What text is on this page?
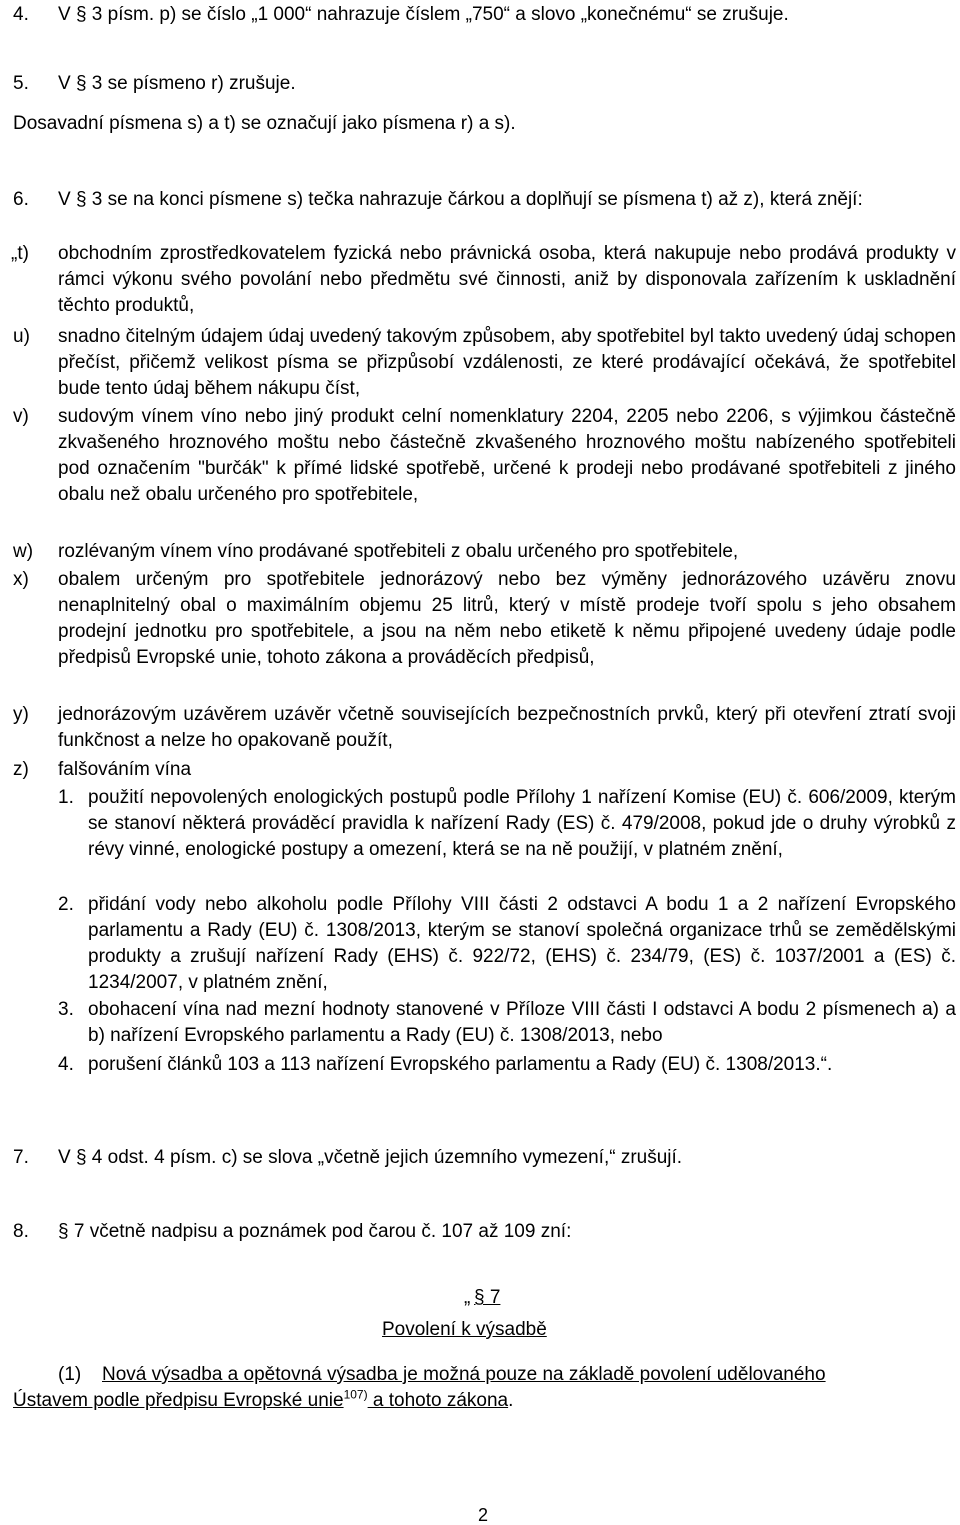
4. V § 3 písm. p) se číslo „1 000“ nahrazuje číslem „750“ a slovo „konečnému“ se zrušuje.
5. V § 3 se písmeno r) zrušuje.
Dosavadní písmena s) a t) se označují jako písmena r) a s).
6. V § 3 se na konci písmene s) tečka nahrazuje čárkou a doplňují se písmena t) až z), která znějí:
„t) obchodním zprostředkovatelem fyzická nebo právnická osoba, která nakupuje nebo prodává produkty v rámci výkonu svého povolání nebo předmětu své činnosti, aniž by disponovala zařízením k uskladnění těchto produktů,
u) snadno čitelným údajem údaj uvedený takovým způsobem, aby spotřebitel byl takto uvedený údaj schopen přečíst, přičemž velikost písma se přizpůsobí vzdálenosti, ze které prodávající očekává, že spotřebitel bude tento údaj během nákupu číst,
v) sudovým vínem víno nebo jiný produkt celní nomenklatury 2204, 2205 nebo 2206, s výjimkou částečně zkvašeného hroznového moštu nebo částečně zkvašeného hroznového moštu nabízeného spotřebiteli pod označením "burčák" k přímé lidské spotřebě, určené k prodeji nebo prodávané spotřebiteli z jiného obalu než obalu určeného pro spotřebitele,
w) rozlévaným vínem víno prodávané spotřebiteli z obalu určeného pro spotřebitele,
x) obalem určeným pro spotřebitele jednorázový nebo bez výměny jednorázového uzávěru znovu nenaplnitelný obal o maximálním objemu 25 litrů, který v místě prodeje tvoří spolu s jeho obsahem prodejní jednotku pro spotřebitele, a jsou na něm nebo etiketě k němu připojené uvedeny údaje podle předpisů Evropské unie, tohoto zákona a prováděcích předpisů,
y) jednorázovým uzávěrem uzávěr včetně souvisejících bezpečnostních prvků, který při otevření ztratí svoji funkčnost a nelze ho opakovaně použít,
z) falšováním vína
1. použití nepovolených enologických postupů podle Přílohy 1 nařízení Komise (EU) č. 606/2009, kterým se stanoví některá prováděcí pravidla k nařízení Rady (ES) č. 479/2008, pokud jde o druhy výrobků z révy vinné, enologické postupy a omezení, která se na ně použijí, v platném znění,
2. přidání vody nebo alkoholu podle Přílohy VIII části 2 odstavci A bodu 1 a 2 nařízení Evropského parlamentu a Rady (EU) č. 1308/2013, kterým se stanoví společná organizace trhů se zemědělskými produkty a zrušují nařízení Rady (EHS) č. 922/72, (EHS) č. 234/79, (ES) č. 1037/2001 a (ES) č. 1234/2007, v platném znění,
3. obohacení vína nad mezní hodnoty stanovené v Příloze VIII části I odstavci A bodu 2 písmenech a) a b) nařízení Evropského parlamentu a Rady (EU) č. 1308/2013, nebo
4. porušení článků 103 a 113 nařízení Evropského parlamentu a Rady (EU) č. 1308/2013.“.
7. V § 4 odst. 4 písm. c) se slova „včetně jejich územního vymezení,“ zrušují.
8. § 7 včetně nadpisu a poznámek pod čarou č. 107 až 109 zní:
„ § 7
Povolení k výsadbě
(1) Nová výsadba a opětovná výsadba je možná pouze na základě povolení udělovaného
Ústavem podle předpisu Evropské unie$^{107)}$ a tohoto zákona.
2
